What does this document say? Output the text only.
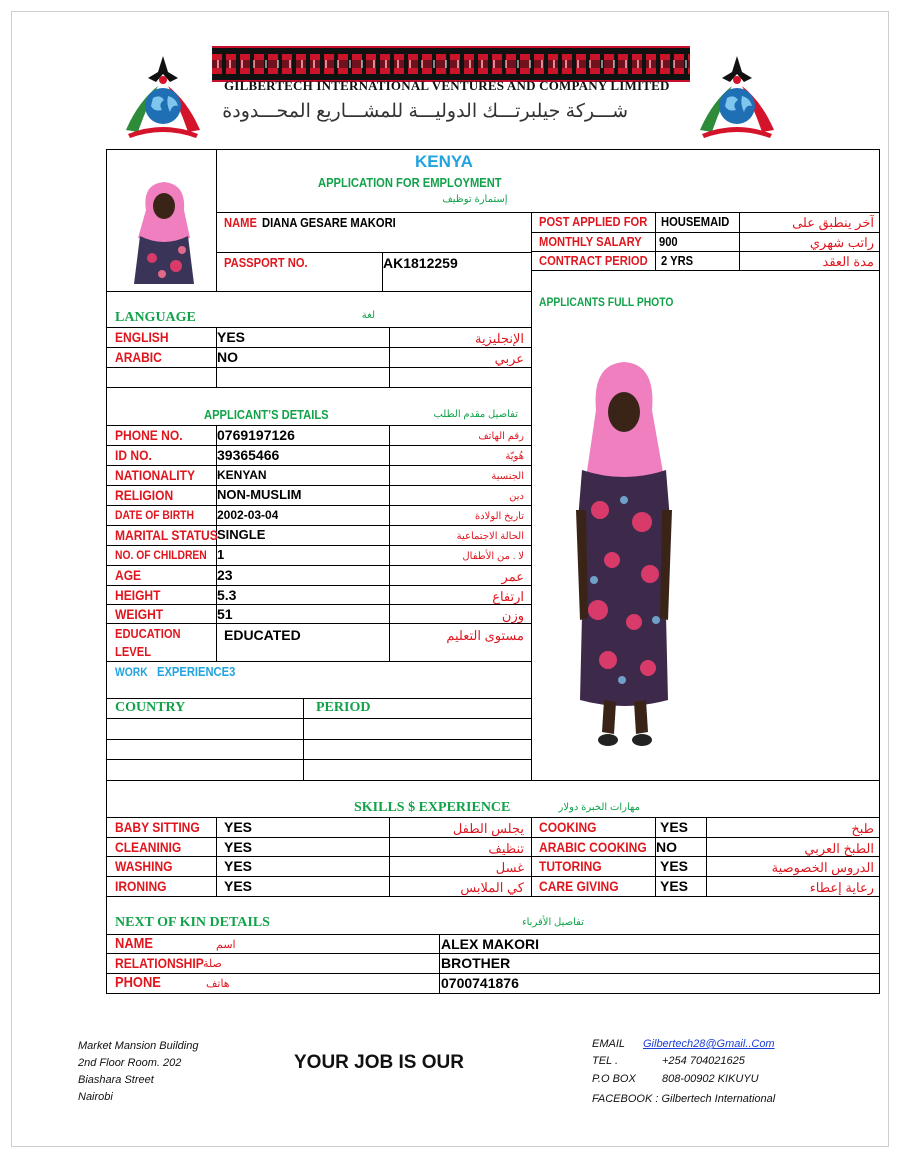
GILBERTECH INTERNATIONAL VENTURES AND COMPANY LIMITED
شـــركة جيلبرتـــك الدوليـــة للمشـــاريع المحـــدودة
KENYA
APPLICATION FOR EMPLOYMENT
إستمارة توظيف
NAME DIANA GESARE MAKORI
PASSPORT NO.	AK1812259
POST APPLIED FOR	HOUSEMAID	آخر ينطبق على
MONTHLY SALARY	900	راتب شهري
CONTRACT PERIOD	2 YRS	مدة العقد
APPLICANTS FULL PHOTO
LANGUAGE	لغة
ENGLISH	YES	الإنجليزية
ARABIC	NO	عربي
APPLICANT’S DETAILS	تفاصيل مقدم الطلب
PHONE NO.	0769197126	رقم الهاتف
ID NO.	39365466	هُويّة
NATIONALITY	KENYAN	الجنسية
RELIGION	NON-MUSLIM	دين
DATE OF BIRTH	2002-03-04	تاريخ الولادة
MARITAL STATUS SINGLE	الحالة الاجتماعية
NO. OF CHILDREN 1	لا . من الأطفال
AGE	23	عمر
HEIGHT	5.3	ارتفاع
WEIGHT	51	وزن
EDUCATION
LEVEL
EDUCATED	مستوى التعليم
WORK EXPERIENCE3
COUNTRY	PERIOD
SKILLS $ EXPERIENCE	مهارات الخبرة دولار
BABY SITTING	YES	يجلس الطفل
CLEANINIG	YES	تنظيف
WASHING	YES	غسل
IRONING	YES	كي الملابس
COOKING	YES	طبخ
ARABIC COOKING NO	الطبخ العربي
TUTORING	YES	الدروس الخصوصية
CARE GIVING	YES	رعاية إعطاء
NEXT OF KIN DETAILS	تفاصيل الأقرباء
NAME	اسم	ALEX MAKORI
RELATIONSHIP صلة	BROTHER
PHONE	هاتف	0700741876
Market Mansion Building
2nd Floor Room. 202
Biashara Street
Nairobi
YOUR JOB IS OUR
EMAIL Gilbertech28@Gmail..Com
TEL .	+254 704021625
P.O BOX 808-00902 KIKUYU
FACEBOOK : Gilbertech International
